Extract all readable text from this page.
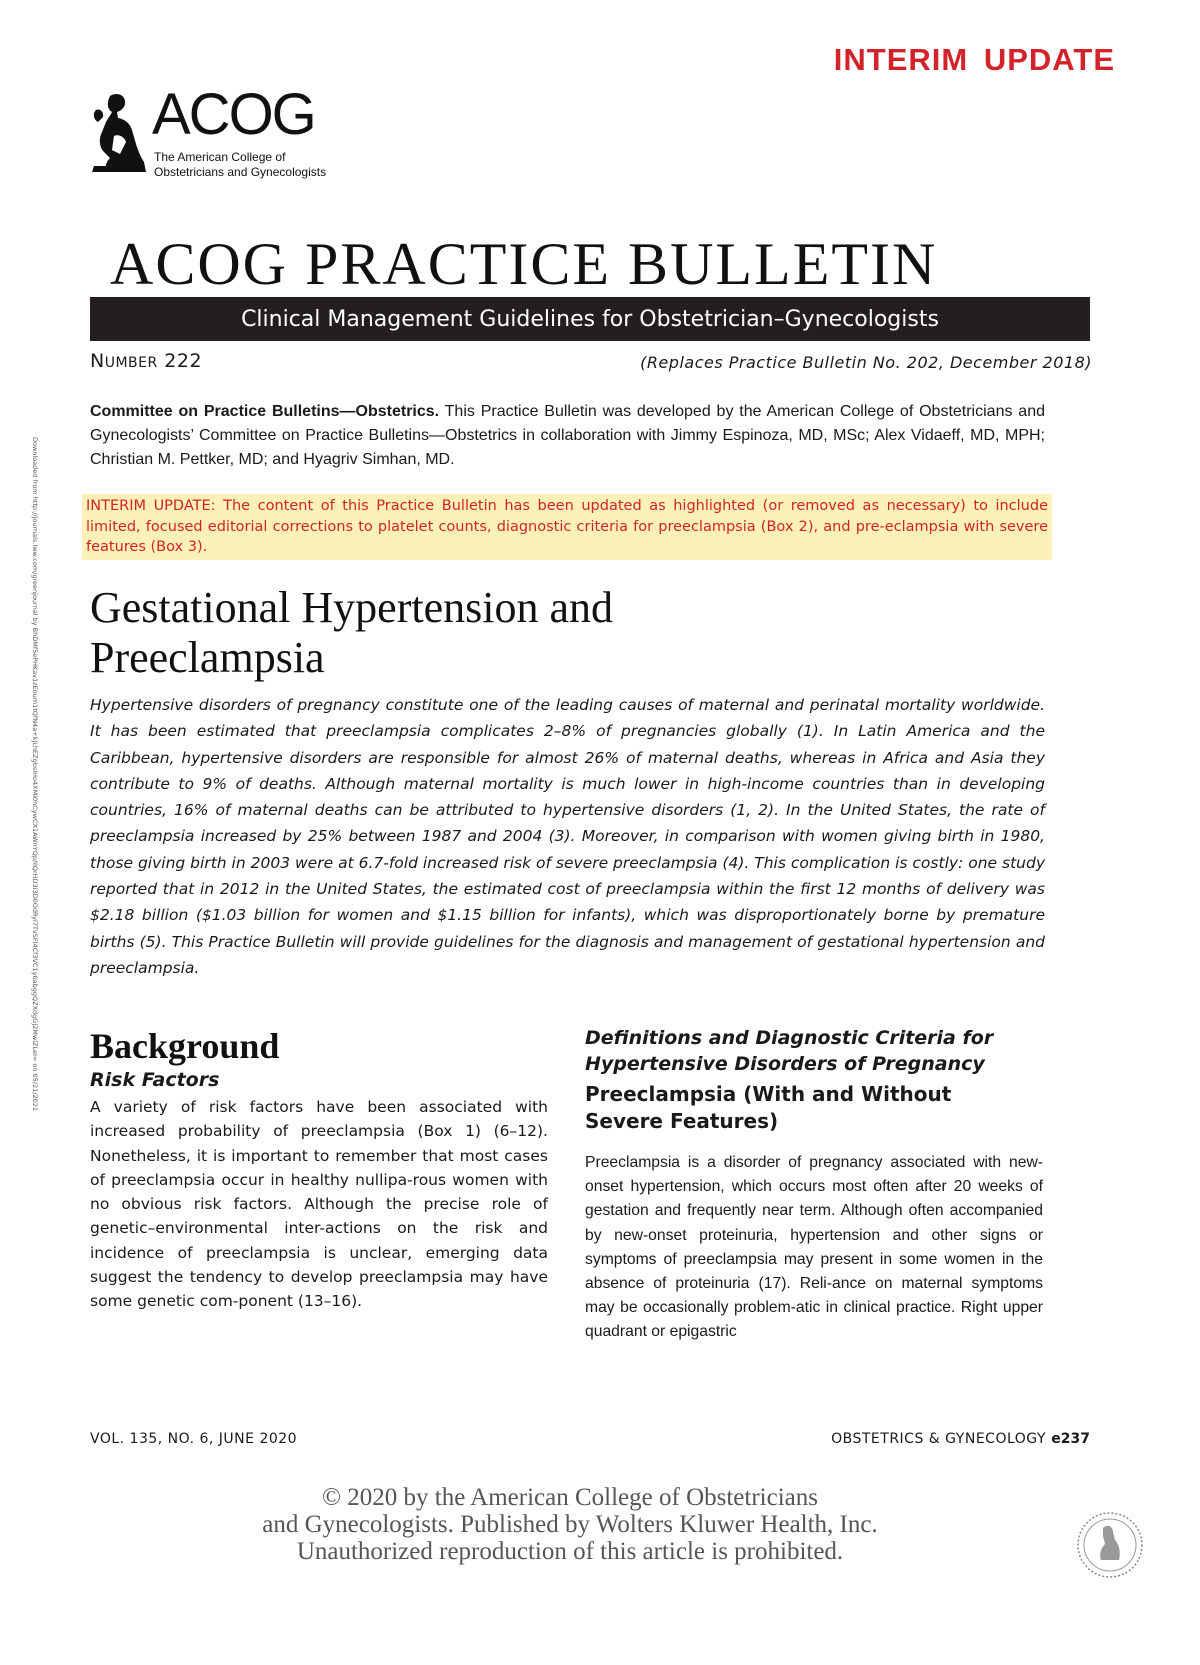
INTERIM UPDATE
ACOG
The American College of
Obstetricians and Gynecologists
ACOG PRACTICE BULLETIN
Clinical Management Guidelines for Obstetrician–Gynecologists
NUMBER 222	(Replaces Practice Bulletin No. 202, December 2018)
Committee on Practice Bulletins—Obstetrics. This Practice Bulletin was developed by the American College of Obstetricians and Gynecologists’ Committee on Practice Bulletins—Obstetrics in collaboration with Jimmy Espinoza, MD, MSc; Alex Vidaeff, MD, MPH; Christian M. Pettker, MD; and Hyagriv Simhan, MD.
INTERIM UPDATE: The content of this Practice Bulletin has been updated as highlighted (or removed as necessary) to include limited, focused editorial corrections to platelet counts, diagnostic criteria for preeclampsia (Box 2), and pre-eclampsia with severe features (Box 3).
Gestational Hypertension and
Preeclampsia
Hypertensive disorders of pregnancy constitute one of the leading causes of maternal and perinatal mortality worldwide. It has been estimated that preeclampsia complicates 2–8% of pregnancies globally (1). In Latin America and the Caribbean, hypertensive disorders are responsible for almost 26% of maternal deaths, whereas in Africa and Asia they contribute to 9% of deaths. Although maternal mortality is much lower in high-income countries than in developing countries, 16% of maternal deaths can be attributed to hypertensive disorders (1, 2). In the United States, the rate of preeclampsia increased by 25% between 1987 and 2004 (3). Moreover, in comparison with women giving birth in 1980, those giving birth in 2003 were at 6.7-fold increased risk of severe preeclampsia (4). This complication is costly: one study reported that in 2012 in the United States, the estimated cost of preeclampsia within the first 12 months of delivery was $2.18 billion ($1.03 billion for women and $1.15 billion for infants), which was disproportionately borne by premature births (5). This Practice Bulletin will provide guidelines for the diagnosis and management of gestational hypertension and preeclampsia.
Background
Risk Factors

A variety of risk factors have been associated with increased probability of preeclampsia (Box 1) (6–12). Nonetheless, it is important to remember that most cases of preeclampsia occur in healthy nullipa-rous women with no obvious risk factors. Although the precise role of genetic–environmental inter-actions on the risk and incidence of preeclampsia is unclear, emerging data suggest the tendency to develop preeclampsia may have some genetic com-ponent (13–16).

Definitions and Diagnostic Criteria for
Hypertensive Disorders of Pregnancy
Preeclampsia (With and Without Severe Features)

Preeclampsia is a disorder of pregnancy associated with new-onset hypertension, which occurs most often after 20 weeks of gestation and frequently near term. Although often accompanied by new-onset proteinuria, hypertension and other signs or symptoms of preeclampsia may present in some women in the absence of proteinuria (17). Reli-ance on maternal symptoms may be occasionally problem-atic in clinical practice. Right upper quadrant or epigastric

VOL. 135, NO. 6, JUNE 2020	OBSTETRICS & GYNECOLOGY e237
© 2020 by the American College of Obstetricians
and Gynecologists. Published by Wolters Kluwer Health, Inc.
Unauthorized reproduction of this article is prohibited.
Downloaded from http://journals.lww.com/greenjournal by BhDMf5ePHKav1zEoum1tQfN4a+kJLhEZgbsIHo4XMi0hCywCX1AWnYQp/IlQrHD3i3D0OdRyi7TvSFl4Cf3VC1y0abggQZXdgGj2MwlZLeI= on 05/21/2021
